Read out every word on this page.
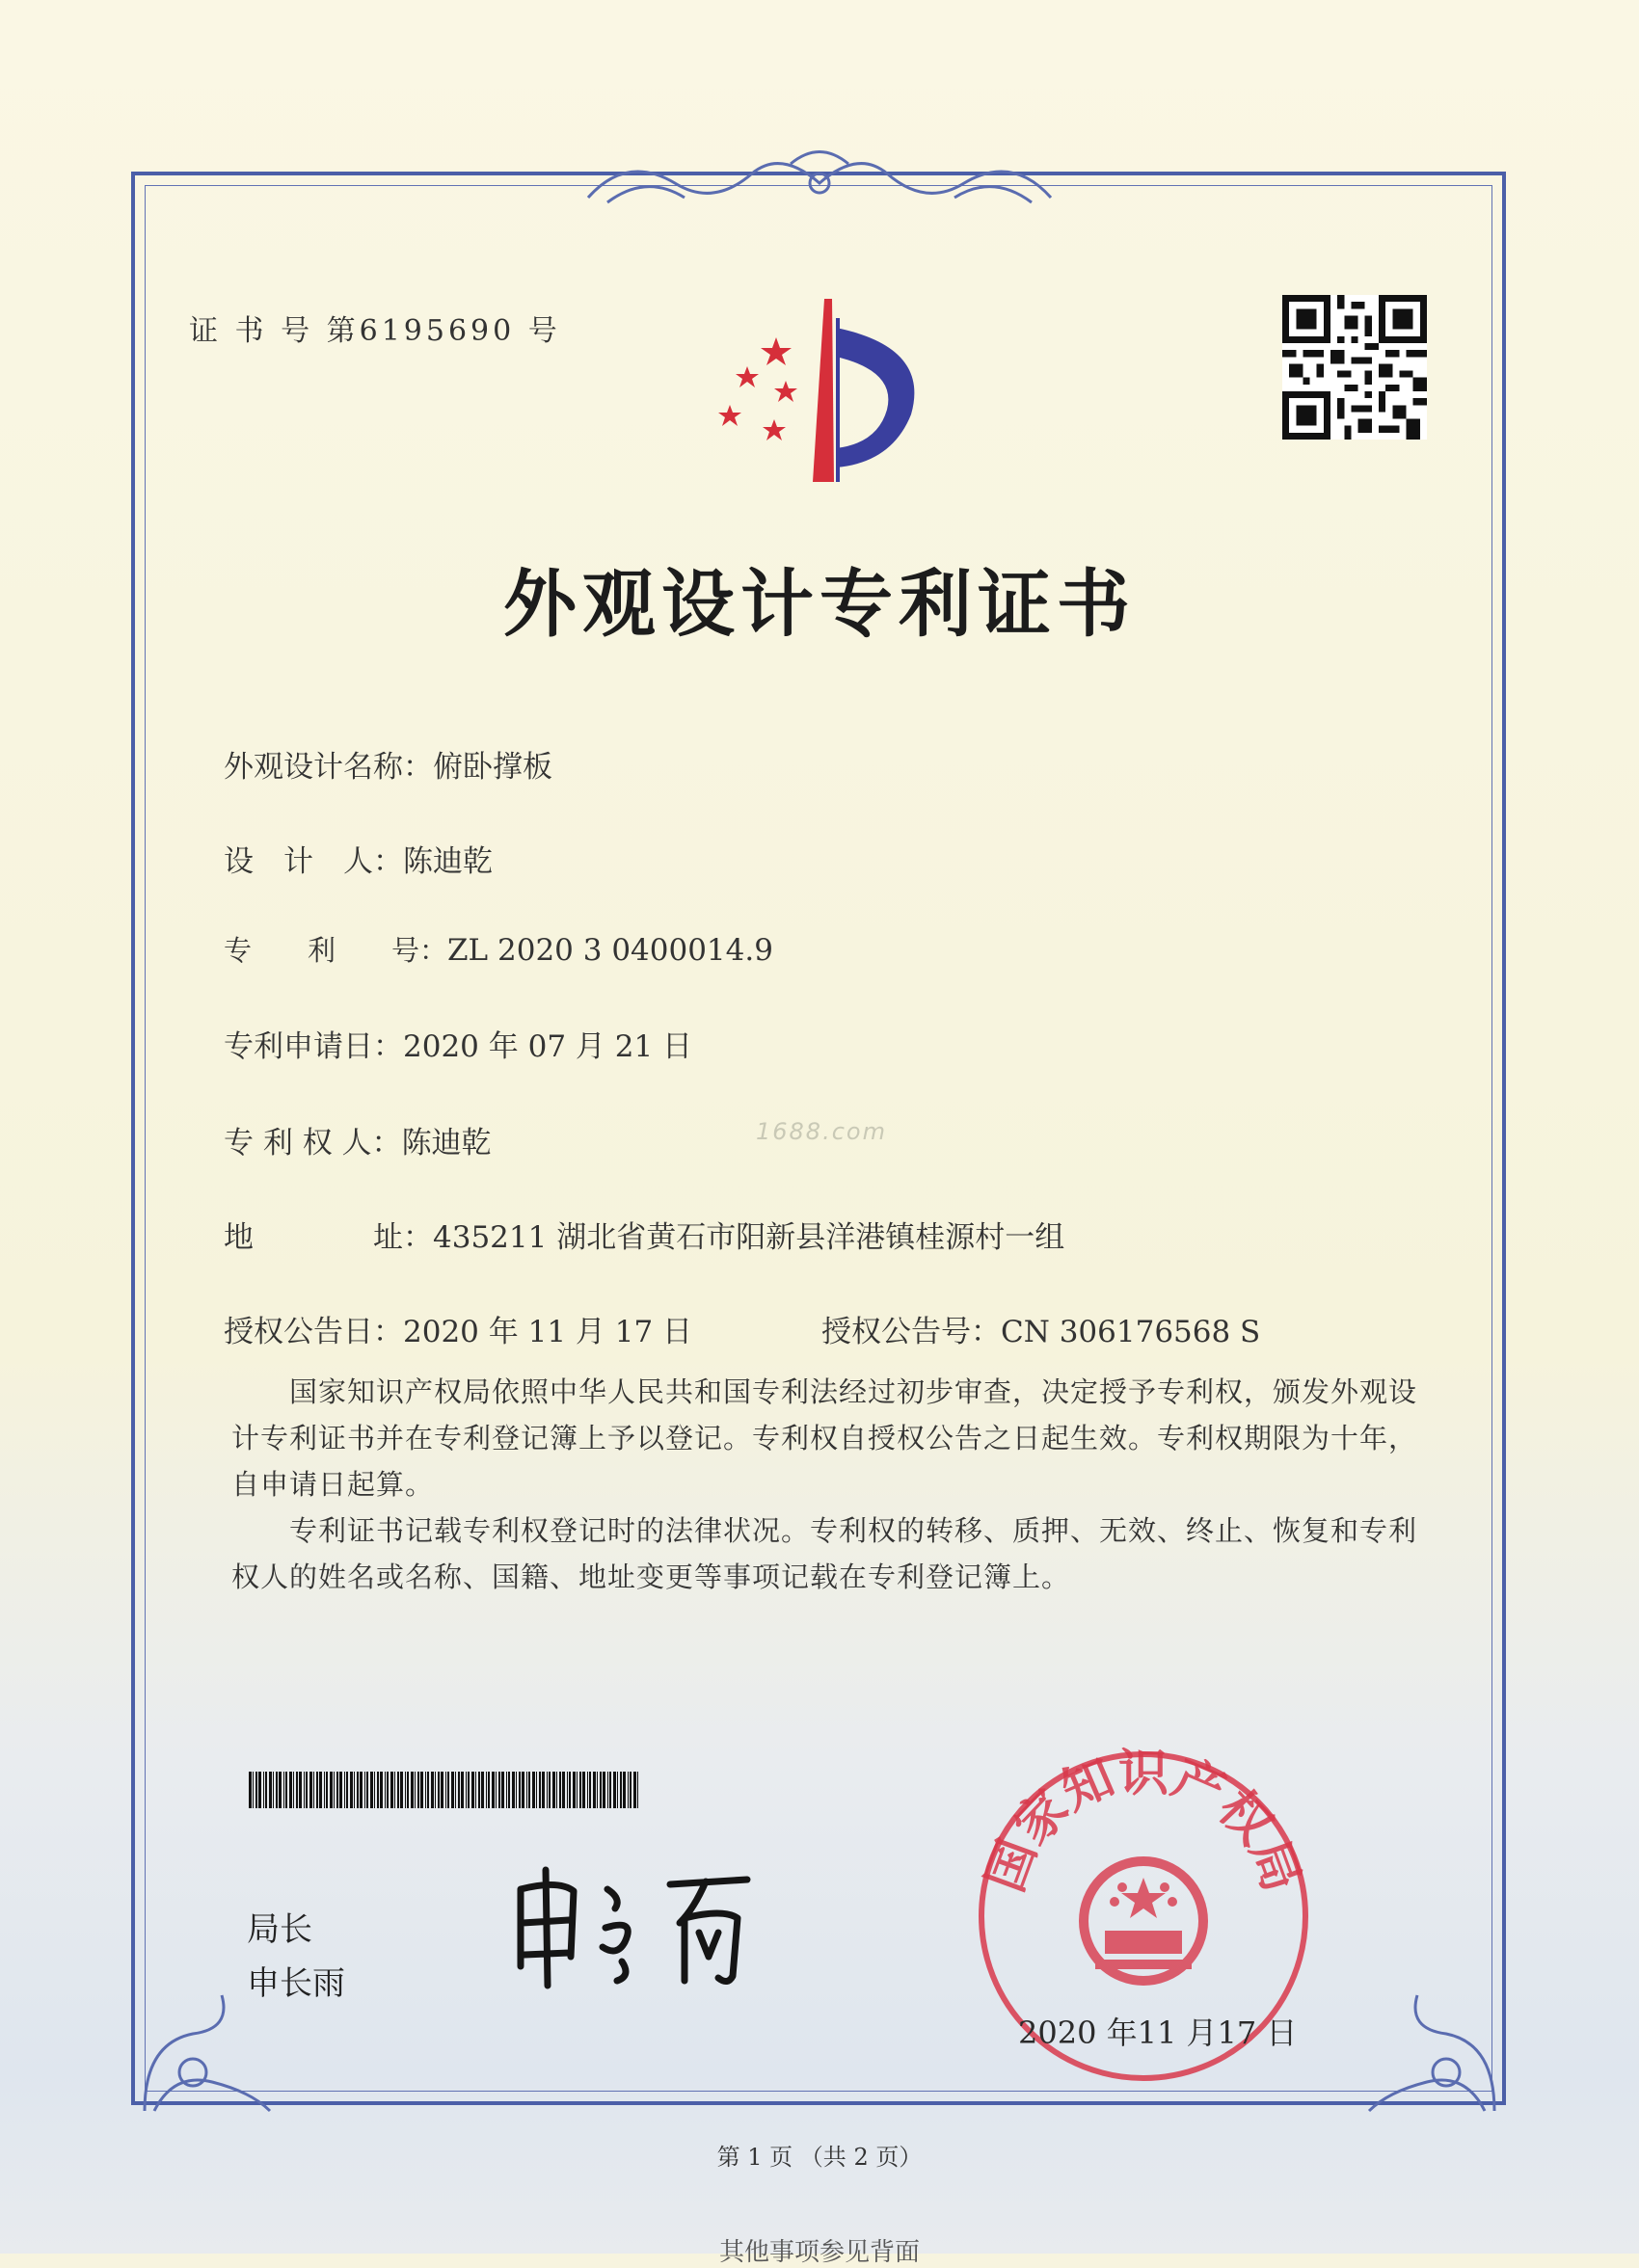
证 书 号 第6195690 号
外观设计专利证书
外观设计名称：俯卧撑板
设　计　人：陈迪乾
专　　利　　号：ZL 2020 3 0400014.9
专利申请日：2020 年 07 月 21 日
专 利 权 人：陈迪乾	1688.com
地　　　　址：435211 湖北省黄石市阳新县洋港镇桂源村一组
授权公告日：2020 年 11 月 17 日	授权公告号：CN 306176568 S
　　国家知识产权局依照中华人民共和国专利法经过初步审查，决定授予专利权，颁发外观设计专利证书并在专利登记簿上予以登记。专利权自授权公告之日起生效。专利权期限为十年，自申请日起算。
　　专利证书记载专利权登记时的法律状况。专利权的转移、质押、无效、终止、恢复和专利权人的姓名或名称、国籍、地址变更等事项记载在专利登记簿上。
局长
申长雨
国家知识产权局
2020 年11 月17 日
第 1 页 （共 2 页）
其他事项参见背面
